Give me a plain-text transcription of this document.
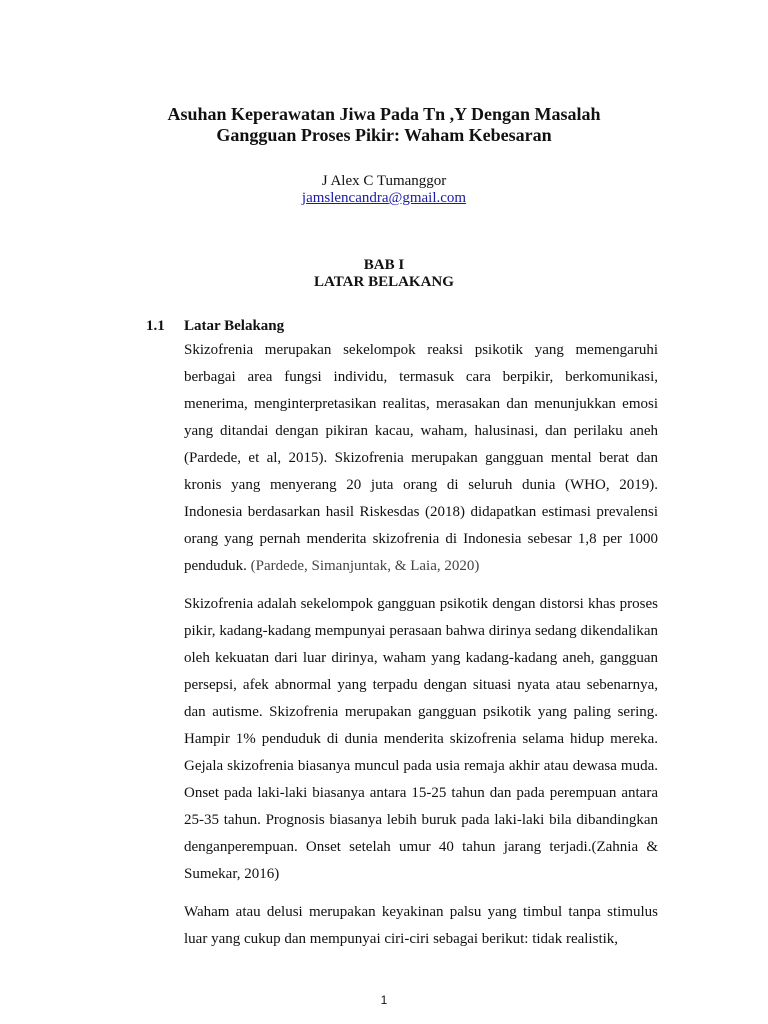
Asuhan Keperawatan Jiwa Pada Tn ,Y Dengan Masalah
Gangguan Proses Pikir: Waham Kebesaran
J Alex C Tumanggor
jamslencandra@gmail.com
BAB I
LATAR BELAKANG
1.1 Latar Belakang

Skizofrenia merupakan sekelompok reaksi psikotik yang memengaruhi berbagai area fungsi individu, termasuk cara berpikir, berkomunikasi, menerima, menginterpretasikan realitas, merasakan dan menunjukkan emosi yang ditandai dengan pikiran kacau, waham, halusinasi, dan perilaku aneh (Pardede, et al, 2015). Skizofrenia merupakan gangguan mental berat dan kronis yang menyerang 20 juta orang di seluruh dunia (WHO, 2019). Indonesia berdasarkan hasil Riskesdas (2018) didapatkan estimasi prevalensi orang yang pernah menderita skizofrenia di Indonesia sebesar 1,8 per 1000 penduduk. (Pardede, Simanjuntak, & Laia, 2020)

Skizofrenia adalah sekelompok gangguan psikotik dengan distorsi khas proses pikir, kadang-kadang mempunyai perasaan bahwa dirinya sedang dikendalikan oleh kekuatan dari luar dirinya, waham yang kadang-kadang aneh, gangguan persepsi, afek abnormal yang terpadu dengan situasi nyata atau sebenarnya, dan autisme. Skizofrenia merupakan gangguan psikotik yang paling sering. Hampir 1% penduduk di dunia menderita skizofrenia selama hidup mereka. Gejala skizofrenia biasanya muncul pada usia remaja akhir atau dewasa muda. Onset pada laki-laki biasanya antara 15-25 tahun dan pada perempuan antara 25-35 tahun. Prognosis biasanya lebih buruk pada laki-laki bila dibandingkan denganperempuan. Onset setelah umur 40 tahun jarang terjadi.(Zahnia & Sumekar, 2016)

Waham atau delusi merupakan keyakinan palsu yang timbul tanpa stimulus luar yang cukup dan mempunyai ciri-ciri sebagai berikut: tidak realistik,

1
